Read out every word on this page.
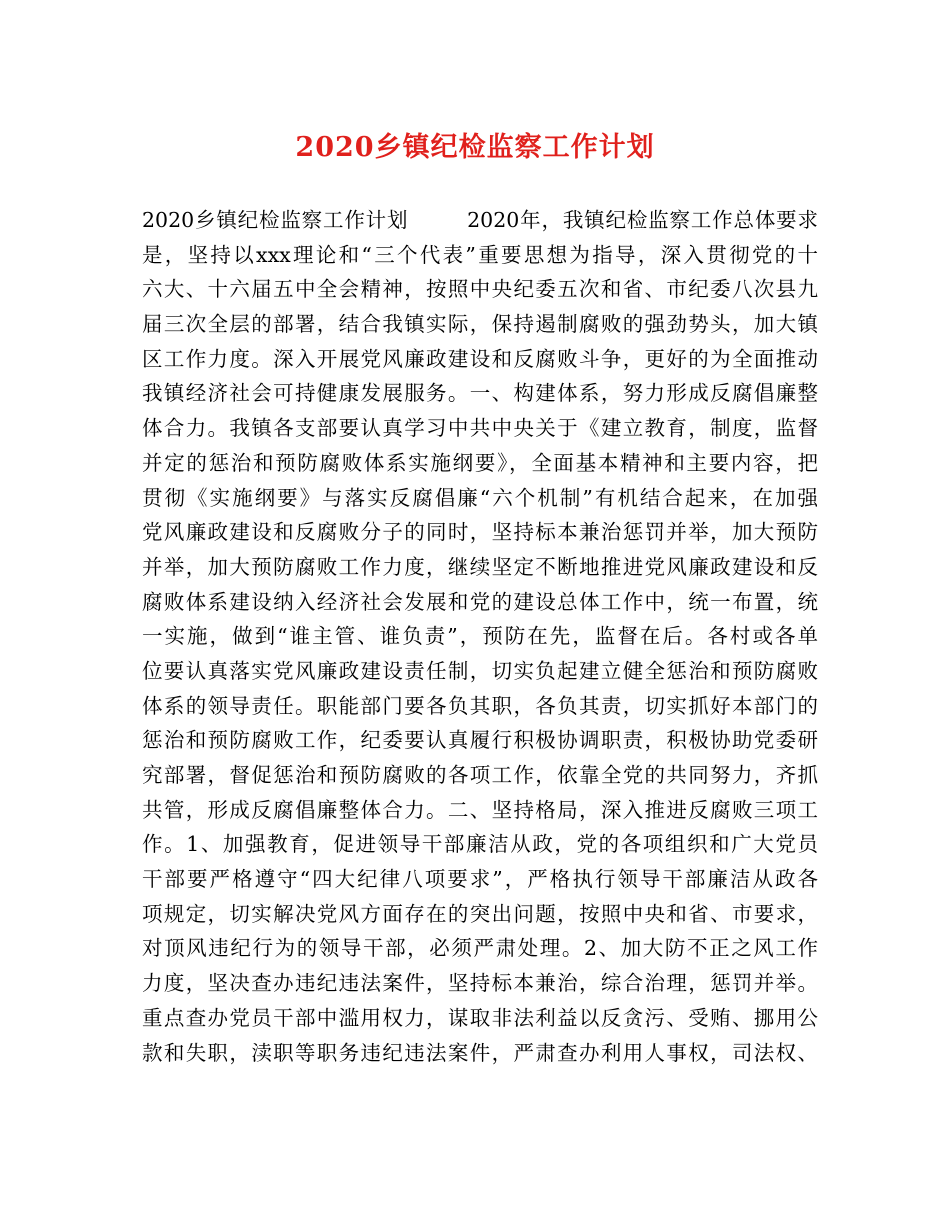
2020乡镇纪检监察工作计划
2020乡镇纪检监察工作计划        2020年，我镇纪检监察工作总体要求
是，坚持以xxx理论和“三个代表”重要思想为指导，深入贯彻党的十
六大、十六届五中全会精神，按照中央纪委五次和省、市纪委八次县九
届三次全层的部署，结合我镇实际，保持遏制腐败的强劲势头，加大镇
区工作力度。深入开展党风廉政建设和反腐败斗争，更好的为全面推动
我镇经济社会可持健康发展服务。一、构建体系，努力形成反腐倡廉整
体合力。我镇各支部要认真学习中共中央关于《建立教育，制度，监督
并定的惩治和预防腐败体系实施纲要》，全面基本精神和主要内容，把
贯彻《实施纲要》与落实反腐倡廉“六个机制”有机结合起来，在加强
党风廉政建设和反腐败分子的同时，坚持标本兼治惩罚并举，加大预防
并举，加大预防腐败工作力度，继续坚定不断地推进党风廉政建设和反
腐败体系建设纳入经济社会发展和党的建设总体工作中，统一布置，统
一实施，做到“谁主管、谁负责”，预防在先，监督在后。各村或各单
位要认真落实党风廉政建设责任制，切实负起建立健全惩治和预防腐败
体系的领导责任。职能部门要各负其职，各负其责，切实抓好本部门的
惩治和预防腐败工作，纪委要认真履行积极协调职责，积极协助党委研
究部署，督促惩治和预防腐败的各项工作，依靠全党的共同努力，齐抓
共管，形成反腐倡廉整体合力。二、坚持格局，深入推进反腐败三项工
作。1、加强教育，促进领导干部廉洁从政，党的各项组织和广大党员
干部要严格遵守“四大纪律八项要求”，严格执行领导干部廉洁从政各
项规定，切实解决党风方面存在的突出问题，按照中央和省、市要求，
对顶风违纪行为的领导干部，必须严肃处理。2、加大防不正之风工作
力度，坚决查办违纪违法案件，坚持标本兼治，综合治理，惩罚并举。
重点查办党员干部中滥用权力，谋取非法利益以反贪污、受贿、挪用公
款和失职，渎职等职务违纪违法案件，严肃查办利用人事权，司法权、
